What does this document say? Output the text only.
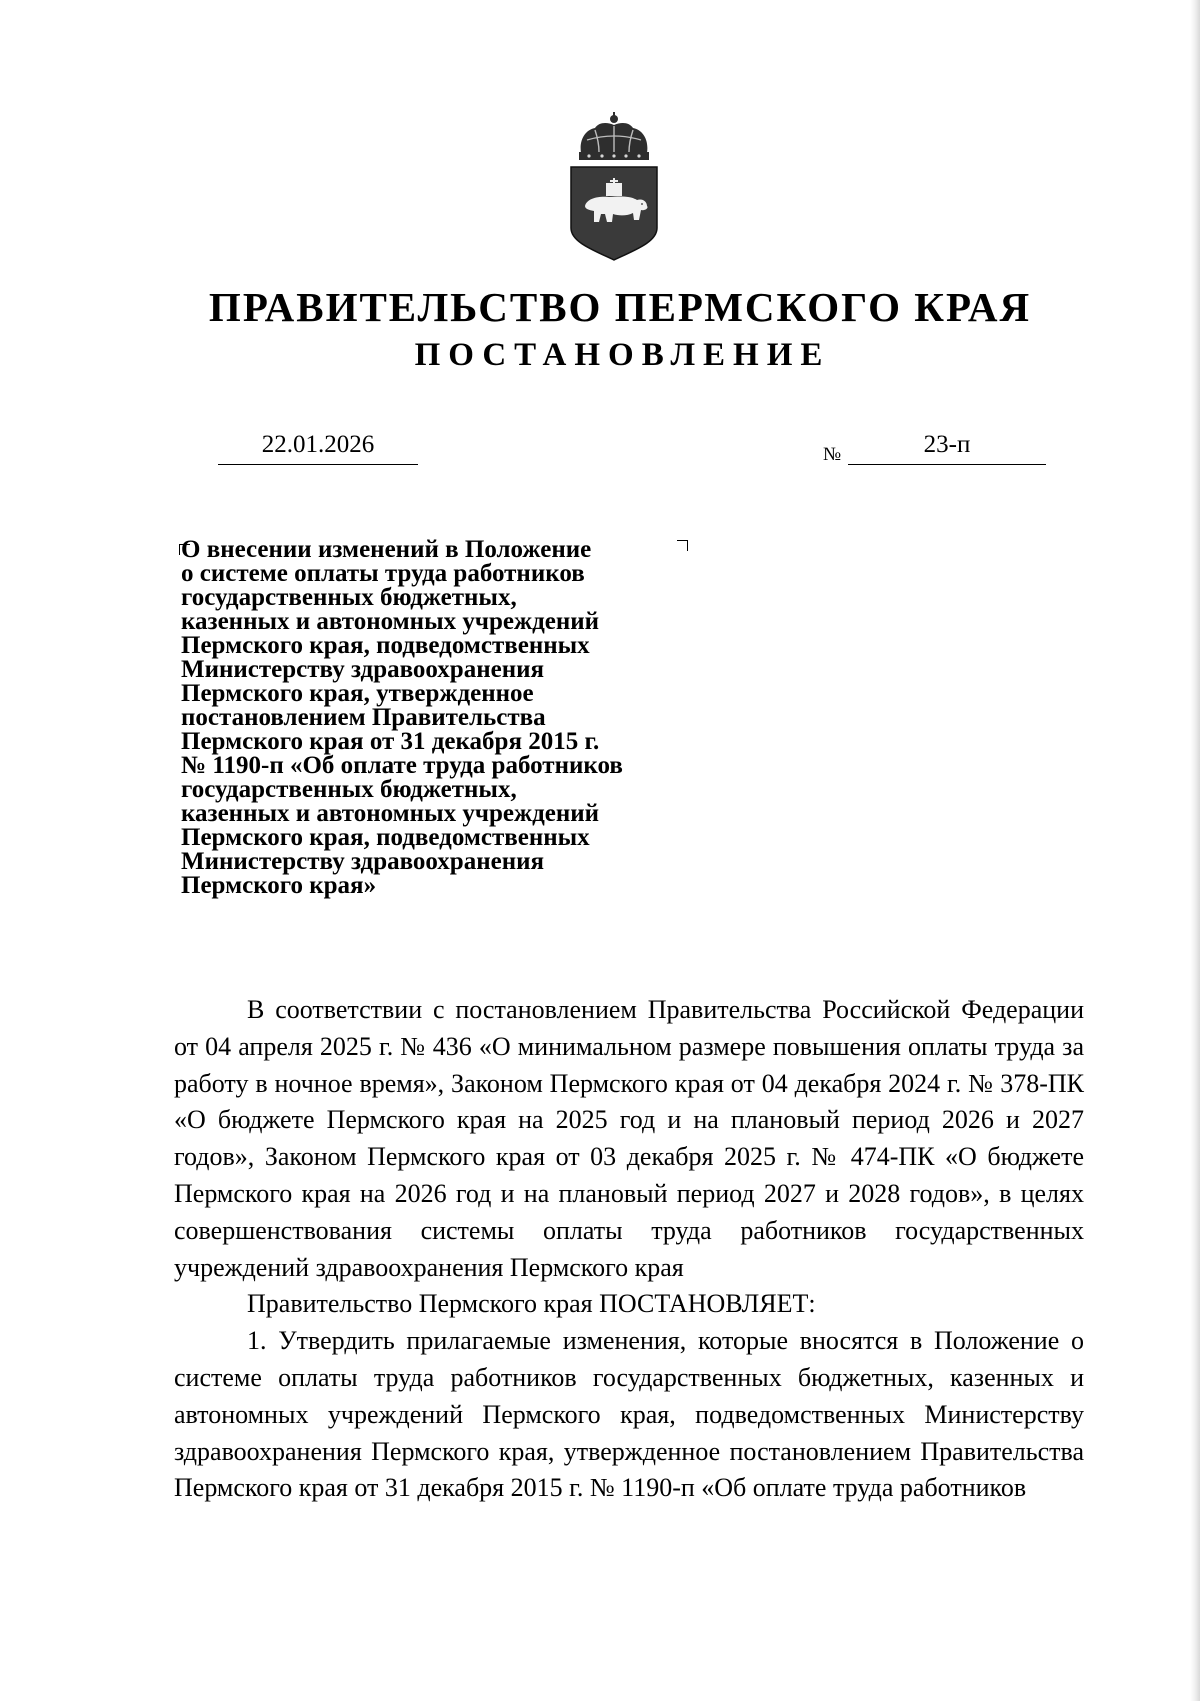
ПРАВИТЕЛЬСТВО ПЕРМСКОГО КРАЯ
ПОСТАНОВЛЕНИЕ
22.01.2026	№	23-п
О внесении изменений в Положение
о системе оплаты труда работников
государственных бюджетных,
казенных и автономных учреждений
Пермского края, подведомственных
Министерству здравоохранения
Пермского края, утвержденное
постановлением Правительства
Пермского края от 31 декабря 2015 г.
№ 1190-п «Об оплате труда работников
государственных бюджетных,
казенных и автономных учреждений
Пермского края, подведомственных
Министерству здравоохранения
Пермского края»

В соответствии с постановлением Правительства Российской Федерации от 04 апреля 2025 г. № 436 «О минимальном размере повышения оплаты труда за работу в ночное время», Законом Пермского края от 04 декабря 2024 г. № 378-ПК «О бюджете Пермского края на 2025 год и на плановый период 2026 и 2027 годов», Законом Пермского края от 03 декабря 2025 г. № 474-ПК «О бюджете Пермского края на 2026 год и на плановый период 2027 и 2028 годов», в целях совершенствования системы оплаты труда работников государственных учреждений здравоохранения Пермского края

Правительство Пермского края ПОСТАНОВЛЯЕТ:

1. Утвердить прилагаемые изменения, которые вносятся в Положение о системе оплаты труда работников государственных бюджетных, казенных и автономных учреждений Пермского края, подведомственных Министерству здравоохранения Пермского края, утвержденное постановлением Правительства Пермского края от 31 декабря 2015 г. № 1190-п «Об оплате труда работников
